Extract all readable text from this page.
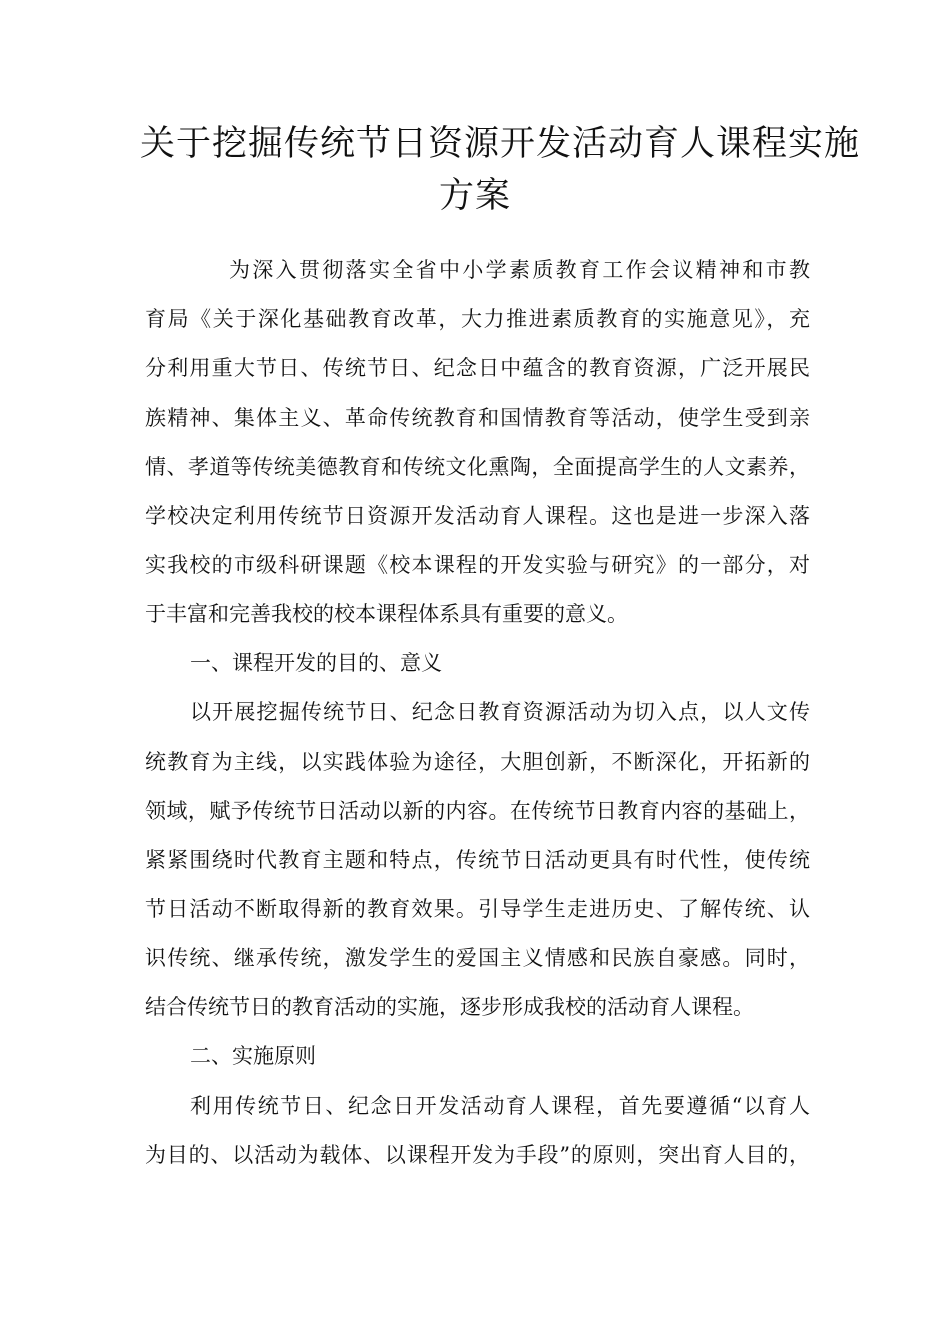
关于挖掘传统节日资源开发活动育人课程实施
方案
为深入贯彻落实全省中小学素质教育工作会议精神和市教
育局《关于深化基础教育改革，大力推进素质教育的实施意见》，充
分利用重大节日、传统节日、纪念日中蕴含的教育资源，广泛开展民
族精神、集体主义、革命传统教育和国情教育等活动，使学生受到亲
情、孝道等传统美德教育和传统文化熏陶，全面提高学生的人文素养，
学校决定利用传统节日资源开发活动育人课程。这也是进一步深入落
实我校的市级科研课题《校本课程的开发实验与研究》的一部分，对
于丰富和完善我校的校本课程体系具有重要的意义。
一、课程开发的目的、意义
以开展挖掘传统节日、纪念日教育资源活动为切入点，以人文传
统教育为主线，以实践体验为途径，大胆创新，不断深化，开拓新的
领域，赋予传统节日活动以新的内容。在传统节日教育内容的基础上，
紧紧围绕时代教育主题和特点，传统节日活动更具有时代性，使传统
节日活动不断取得新的教育效果。引导学生走进历史、了解传统、认
识传统、继承传统，激发学生的爱国主义情感和民族自豪感。同时，
结合传统节日的教育活动的实施，逐步形成我校的活动育人课程。
二、实施原则
利用传统节日、纪念日开发活动育人课程，首先要遵循“以育人
为目的、以活动为载体、以课程开发为手段”的原则，突出育人目的，
